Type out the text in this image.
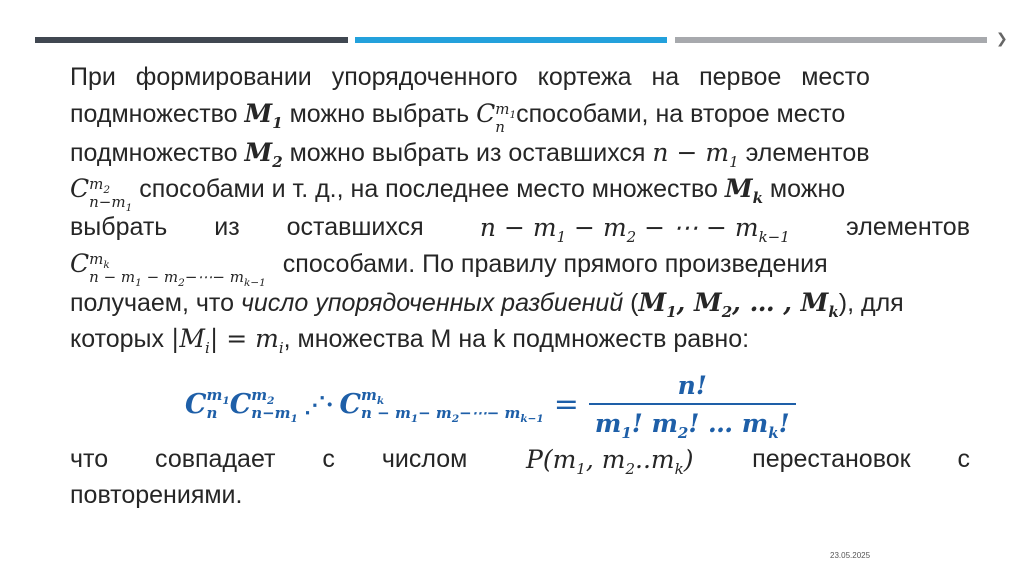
❯
При формировании упорядоченного кортежа на первое место
подмножество $M_1$ можно выбрать C $m_1$
n способами, на второе место
подмножество $M_2$ можно выбрать из оставшихся $n - m_1$ элементов
C $m_2$
$n-m_1$
способами и т. д., на последнее место множество $M_k$ можно
выбрать из оставшихся $n - m_1 - m_2$ − ⋯ − $m_{k-1}$ элементов
C $m_k$
$n - m_1$ − $m_2-\cdots- m_{k-1}$
способами. По правилу прямого произведения
получаем, что число упорядоченных разбиений ($M_1$, $M_2$, … , $M_k$), для
которых $|M_i| = m_i$, множества M на k подмножеств равно:
C $m_1$
n C $m_2$
$n-m_1$
⋰· C $m_k$
$n - m_1-$ $m_2-\cdots- m_{k-1} = \frac{n!}{m_1! m_2! \dots m_k!}$
что совпадает с числом $P(m_1$, $m_2..m_k$) перестановок с
повторениями.
23.05.2025
